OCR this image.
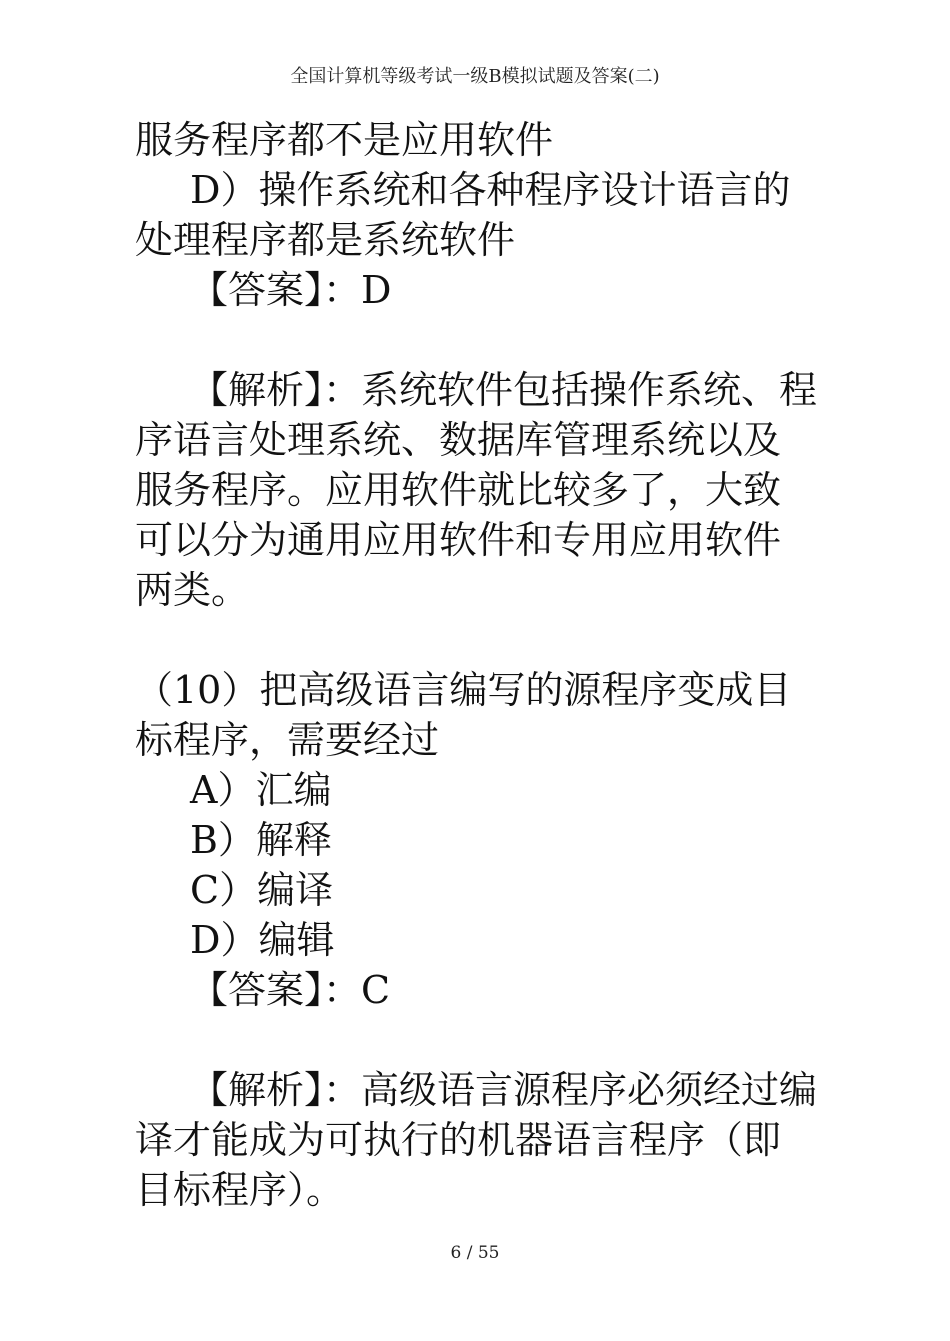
全国计算机等级考试一级B模拟试题及答案(二)
服务程序都不是应用软件
D）操作系统和各种程序设计语言的
处理程序都是系统软件
【答案】：D
【解析】：系统软件包括操作系统、程
序语言处理系统、数据库管理系统以及
服务程序。应用软件就比较多了，大致
可以分为通用应用软件和专用应用软件
两类。
（10）把高级语言编写的源程序变成目
标程序，需要经过
A）汇编
B）解释
C）编译
D）编辑
【答案】：C
【解析】：高级语言源程序必须经过编
译才能成为可执行的机器语言程序（即
目标程序）。
6 / 55
